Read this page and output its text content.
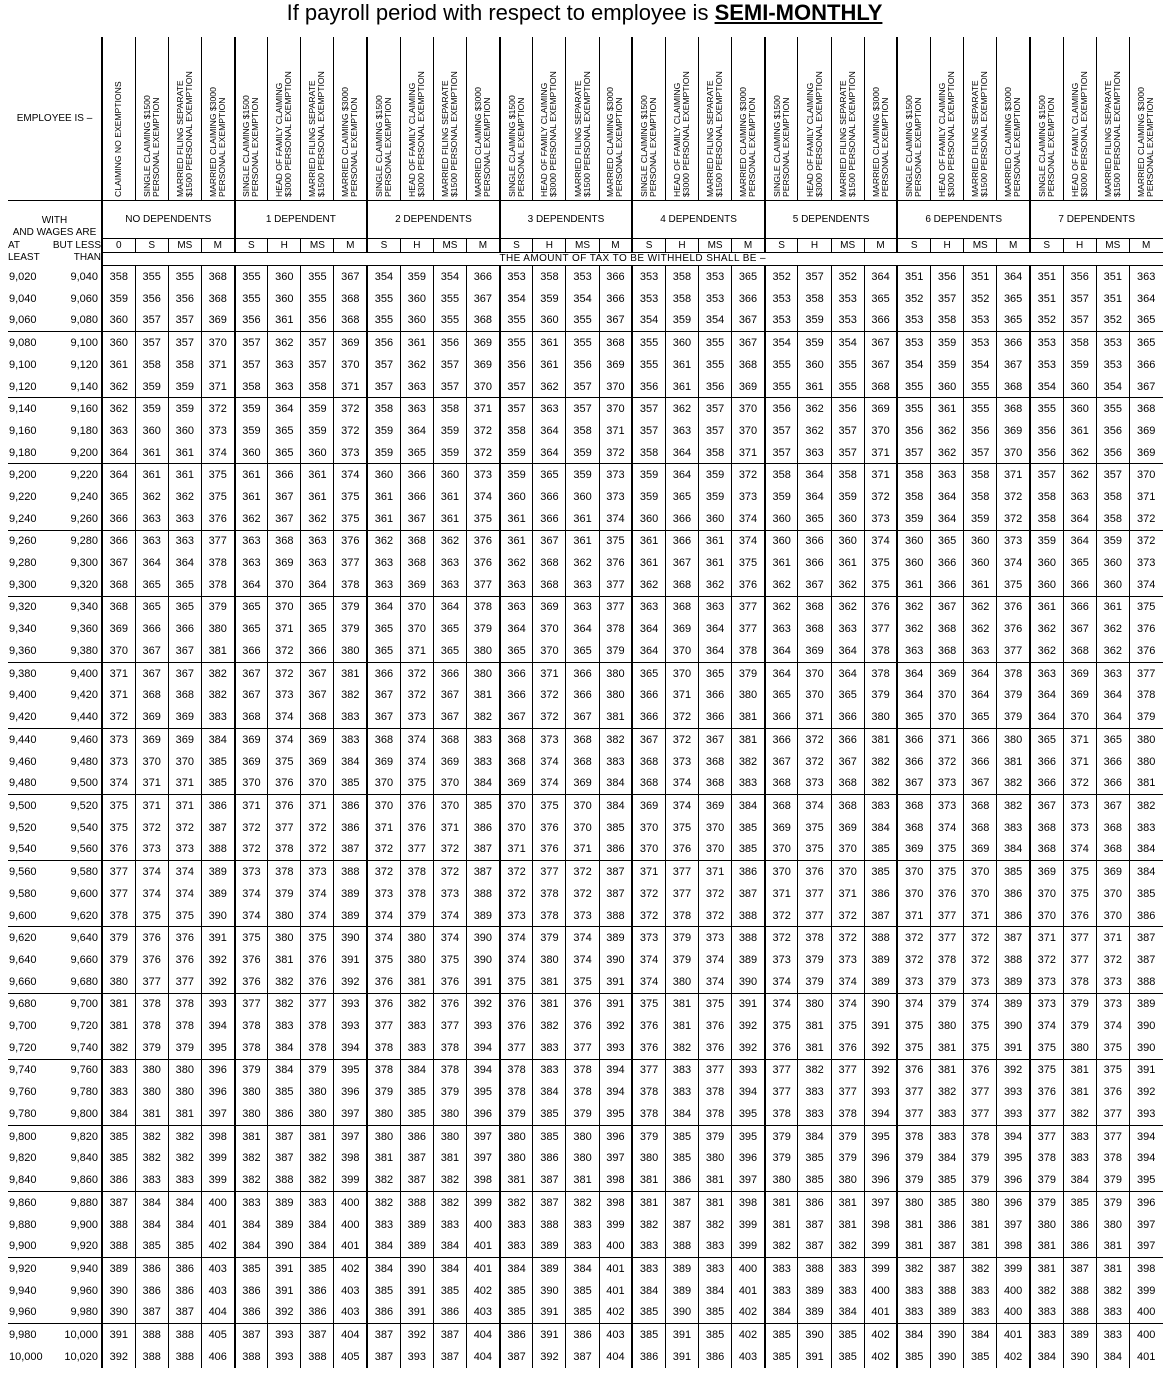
If payroll period with respect to employee is SEMI-MONTHLY
EMPLOYEE IS –		CLAIMING NO EXEMPTIONS	SINGLE CLAIMING $1500 PERSONAL EXEMPTION	MARRIED FILING SEPARATE $1500 PERSONAL EXEMPTION	MARRIED CLAIMING $3000 PERSONAL EXEMPTION	SINGLE CLAIMING $1500 PERSONAL EXEMPTION	HEAD OF FAMILY CLAIMING $3000 PERSONAL EXEMPTION	MARRIED FILING SEPARATE $1500 PERSONAL EXEMPTION	MARRIED CLAIMING $3000 PERSONAL EXEMPTION	SINGLE CLAIMING $1500 PERSONAL EXEMPTION	HEAD OF FAMILY CLAIMING $3000 PERSONAL EXEMPTION	MARRIED FILING SEPARATE $1500 PERSONAL EXEMPTION	MARRIED CLAIMING $3000 PERSONAL EXEMPTION	SINGLE CLAIMING $1500 PERSONAL EXEMPTION	HEAD OF FAMILY CLAIMING $3000 PERSONAL EXEMPTION	MARRIED FILING SEPARATE $1500 PERSONAL EXEMPTION	MARRIED CLAIMING $3000 PERSONAL EXEMPTION	SINGLE CLAIMING $1500 PERSONAL EXEMPTION	HEAD OF FAMILY CLAIMING $3000 PERSONAL EXEMPTION	MARRIED FILING SEPARATE $1500 PERSONAL EXEMPTION	MARRIED CLAIMING $3000 PERSONAL EXEMPTION	SINGLE CLAIMING $1500 PERSONAL EXEMPTION	HEAD OF FAMILY CLAIMING $3000 PERSONAL EXEMPTION	MARRIED FILING SEPARATE $1500 PERSONAL EXEMPTION	MARRIED CLAIMING $3000 PERSONAL EXEMPTION	SINGLE CLAIMING $1500 PERSONAL EXEMPTION	HEAD OF FAMILY CLAIMING $3000 PERSONAL EXEMPTION	MARRIED FILING SEPARATE $1500 PERSONAL EXEMPTION	MARRIED CLAIMING $3000 PERSONAL EXEMPTION	SINGLE CLAIMING $1500 PERSONAL EXEMPTION	HEAD OF FAMILY CLAIMING $3000 PERSONAL EXEMPTION	MARRIED FILING SEPARATE $1500 PERSONAL EXEMPTION	MARRIED CLAIMING $3000 PERSONAL EXEMPTION

WITH
AND WAGES ARE		NO DEPENDENTS				1 DEPENDENT				2 DEPENDENTS				3 DEPENDENTS				4 DEPENDENTS				5 DEPENDENTS				6 DEPENDENTS				7 DEPENDENTS			
AT LEAST	BUT LESS THAN	0	S	MS	M	S	H	MS	M	S	H	MS	M	S	H	MS	M	S	H	MS	M	S	H	MS	M	S	H	MS	M	S	H	MS	M
		THE AMOUNT OF TAX TO BE WITHHELD SHALL BE –																															
9,020	9,040	358	355	355	368	355	360	355	367	354	359	354	366	353	358	353	366	353	358	353	365	352	357	352	364	351	356	351	364	351	356	351	363
9,040	9,060	359	356	356	368	355	360	355	368	355	360	355	367	354	359	354	366	353	358	353	366	353	358	353	365	352	357	352	365	351	357	351	364
9,060	9,080	360	357	357	369	356	361	356	368	355	360	355	368	355	360	355	367	354	359	354	367	353	359	353	366	353	358	353	365	352	357	352	365
9,080	9,100	360	357	357	370	357	362	357	369	356	361	356	369	355	361	355	368	355	360	355	367	354	359	354	367	353	359	353	366	353	358	353	365
9,100	9,120	361	358	358	371	357	363	357	370	357	362	357	369	356	361	356	369	355	361	355	368	355	360	355	367	354	359	354	367	353	359	353	366
9,120	9,140	362	359	359	371	358	363	358	371	357	363	357	370	357	362	357	370	356	361	356	369	355	361	355	368	355	360	355	368	354	360	354	367
9,140	9,160	362	359	359	372	359	364	359	372	358	363	358	371	357	363	357	370	357	362	357	370	356	362	356	369	355	361	355	368	355	360	355	368
9,160	9,180	363	360	360	373	359	365	359	372	359	364	359	372	358	364	358	371	357	363	357	370	357	362	357	370	356	362	356	369	356	361	356	369
9,180	9,200	364	361	361	374	360	365	360	373	359	365	359	372	359	364	359	372	358	364	358	371	357	363	357	371	357	362	357	370	356	362	356	369
9,200	9,220	364	361	361	375	361	366	361	374	360	366	360	373	359	365	359	373	359	364	359	372	358	364	358	371	358	363	358	371	357	362	357	370
9,220	9,240	365	362	362	375	361	367	361	375	361	366	361	374	360	366	360	373	359	365	359	373	359	364	359	372	358	364	358	372	358	363	358	371
9,240	9,260	366	363	363	376	362	367	362	375	361	367	361	375	361	366	361	374	360	366	360	374	360	365	360	373	359	364	359	372	358	364	358	372
9,260	9,280	366	363	363	377	363	368	363	376	362	368	362	376	361	367	361	375	361	366	361	374	360	366	360	374	360	365	360	373	359	364	359	372
9,280	9,300	367	364	364	378	363	369	363	377	363	368	363	376	362	368	362	376	361	367	361	375	361	366	361	375	360	366	360	374	360	365	360	373
9,300	9,320	368	365	365	378	364	370	364	378	363	369	363	377	363	368	363	377	362	368	362	376	362	367	362	375	361	366	361	375	360	366	360	374
9,320	9,340	368	365	365	379	365	370	365	379	364	370	364	378	363	369	363	377	363	368	363	377	362	368	362	376	362	367	362	376	361	366	361	375
9,340	9,360	369	366	366	380	365	371	365	379	365	370	365	379	364	370	364	378	364	369	364	377	363	368	363	377	362	368	362	376	362	367	362	376
9,360	9,380	370	367	367	381	366	372	366	380	365	371	365	380	365	370	365	379	364	370	364	378	364	369	364	378	363	368	363	377	362	368	362	376
9,380	9,400	371	367	367	382	367	372	367	381	366	372	366	380	366	371	366	380	365	370	365	379	364	370	364	378	364	369	364	378	363	369	363	377
9,400	9,420	371	368	368	382	367	373	367	382	367	372	367	381	366	372	366	380	366	371	366	380	365	370	365	379	364	370	364	379	364	369	364	378
9,420	9,440	372	369	369	383	368	374	368	383	367	373	367	382	367	372	367	381	366	372	366	381	366	371	366	380	365	370	365	379	364	370	364	379
9,440	9,460	373	369	369	384	369	374	369	383	368	374	368	383	368	373	368	382	367	372	367	381	366	372	366	381	366	371	366	380	365	371	365	380
9,460	9,480	373	370	370	385	369	375	369	384	369	374	369	383	368	374	368	383	368	373	368	382	367	372	367	382	366	372	366	381	366	371	366	380
9,480	9,500	374	371	371	385	370	376	370	385	370	375	370	384	369	374	369	384	368	374	368	383	368	373	368	382	367	373	367	382	366	372	366	381
9,500	9,520	375	371	371	386	371	376	371	386	370	376	370	385	370	375	370	384	369	374	369	384	368	374	368	383	368	373	368	382	367	373	367	382
9,520	9,540	375	372	372	387	372	377	372	386	371	376	371	386	370	376	370	385	370	375	370	385	369	375	369	384	368	374	368	383	368	373	368	383
9,540	9,560	376	373	373	388	372	378	372	387	372	377	372	387	371	376	371	386	370	376	370	385	370	375	370	385	369	375	369	384	368	374	368	384
9,560	9,580	377	374	374	389	373	378	373	388	372	378	372	387	372	377	372	387	371	377	371	386	370	376	370	385	370	375	370	385	369	375	369	384
9,580	9,600	377	374	374	389	374	379	374	389	373	378	373	388	372	378	372	387	372	377	372	387	371	377	371	386	370	376	370	386	370	375	370	385
9,600	9,620	378	375	375	390	374	380	374	389	374	379	374	389	373	378	373	388	372	378	372	388	372	377	372	387	371	377	371	386	370	376	370	386
9,620	9,640	379	376	376	391	375	380	375	390	374	380	374	390	374	379	374	389	373	379	373	388	372	378	372	388	372	377	372	387	371	377	371	387
9,640	9,660	379	376	376	392	376	381	376	391	375	380	375	390	374	380	374	390	374	379	374	389	373	379	373	389	372	378	372	388	372	377	372	387
9,660	9,680	380	377	377	392	376	382	376	392	376	381	376	391	375	381	375	391	374	380	374	390	374	379	374	389	373	379	373	389	373	378	373	388
9,680	9,700	381	378	378	393	377	382	377	393	376	382	376	392	376	381	376	391	375	381	375	391	374	380	374	390	374	379	374	389	373	379	373	389
9,700	9,720	381	378	378	394	378	383	378	393	377	383	377	393	376	382	376	392	376	381	376	392	375	381	375	391	375	380	375	390	374	379	374	390
9,720	9,740	382	379	379	395	378	384	378	394	378	383	378	394	377	383	377	393	376	382	376	392	376	381	376	392	375	381	375	391	375	380	375	390
9,740	9,760	383	380	380	396	379	384	379	395	378	384	378	394	378	383	378	394	377	383	377	393	377	382	377	392	376	381	376	392	375	381	375	391
9,760	9,780	383	380	380	396	380	385	380	396	379	385	379	395	378	384	378	394	378	383	378	394	377	383	377	393	377	382	377	393	376	381	376	392
9,780	9,800	384	381	381	397	380	386	380	397	380	385	380	396	379	385	379	395	378	384	378	395	378	383	378	394	377	383	377	393	377	382	377	393
9,800	9,820	385	382	382	398	381	387	381	397	380	386	380	397	380	385	380	396	379	385	379	395	379	384	379	395	378	383	378	394	377	383	377	394
9,820	9,840	385	382	382	399	382	387	382	398	381	387	381	397	380	386	380	397	380	385	380	396	379	385	379	396	379	384	379	395	378	383	378	394
9,840	9,860	386	383	383	399	382	388	382	399	382	387	382	398	381	387	381	398	381	386	381	397	380	385	380	396	379	385	379	396	379	384	379	395
9,860	9,880	387	384	384	400	383	389	383	400	382	388	382	399	382	387	382	398	381	387	381	398	381	386	381	397	380	385	380	396	379	385	379	396
9,880	9,900	388	384	384	401	384	389	384	400	383	389	383	400	383	388	383	399	382	387	382	399	381	387	381	398	381	386	381	397	380	386	380	397
9,900	9,920	388	385	385	402	384	390	384	401	384	389	384	401	383	389	383	400	383	388	383	399	382	387	382	399	381	387	381	398	381	386	381	397
9,920	9,940	389	386	386	403	385	391	385	402	384	390	384	401	384	389	384	401	383	389	383	400	383	388	383	399	382	387	382	399	381	387	381	398
9,940	9,960	390	386	386	403	386	391	386	403	385	391	385	402	385	390	385	401	384	389	384	401	383	389	383	400	383	388	383	400	382	388	382	399
9,960	9,980	390	387	387	404	386	392	386	403	386	391	386	403	385	391	385	402	385	390	385	402	384	389	384	401	383	389	383	400	383	388	383	400
9,980	10,000	391	388	388	405	387	393	387	404	387	392	387	404	386	391	386	403	385	391	385	402	385	390	385	402	384	390	384	401	383	389	383	400
10,000	10,020	392	388	388	406	388	393	388	405	387	393	387	404	387	392	387	404	386	391	386	403	385	391	385	402	385	390	385	402	384	390	384	401
